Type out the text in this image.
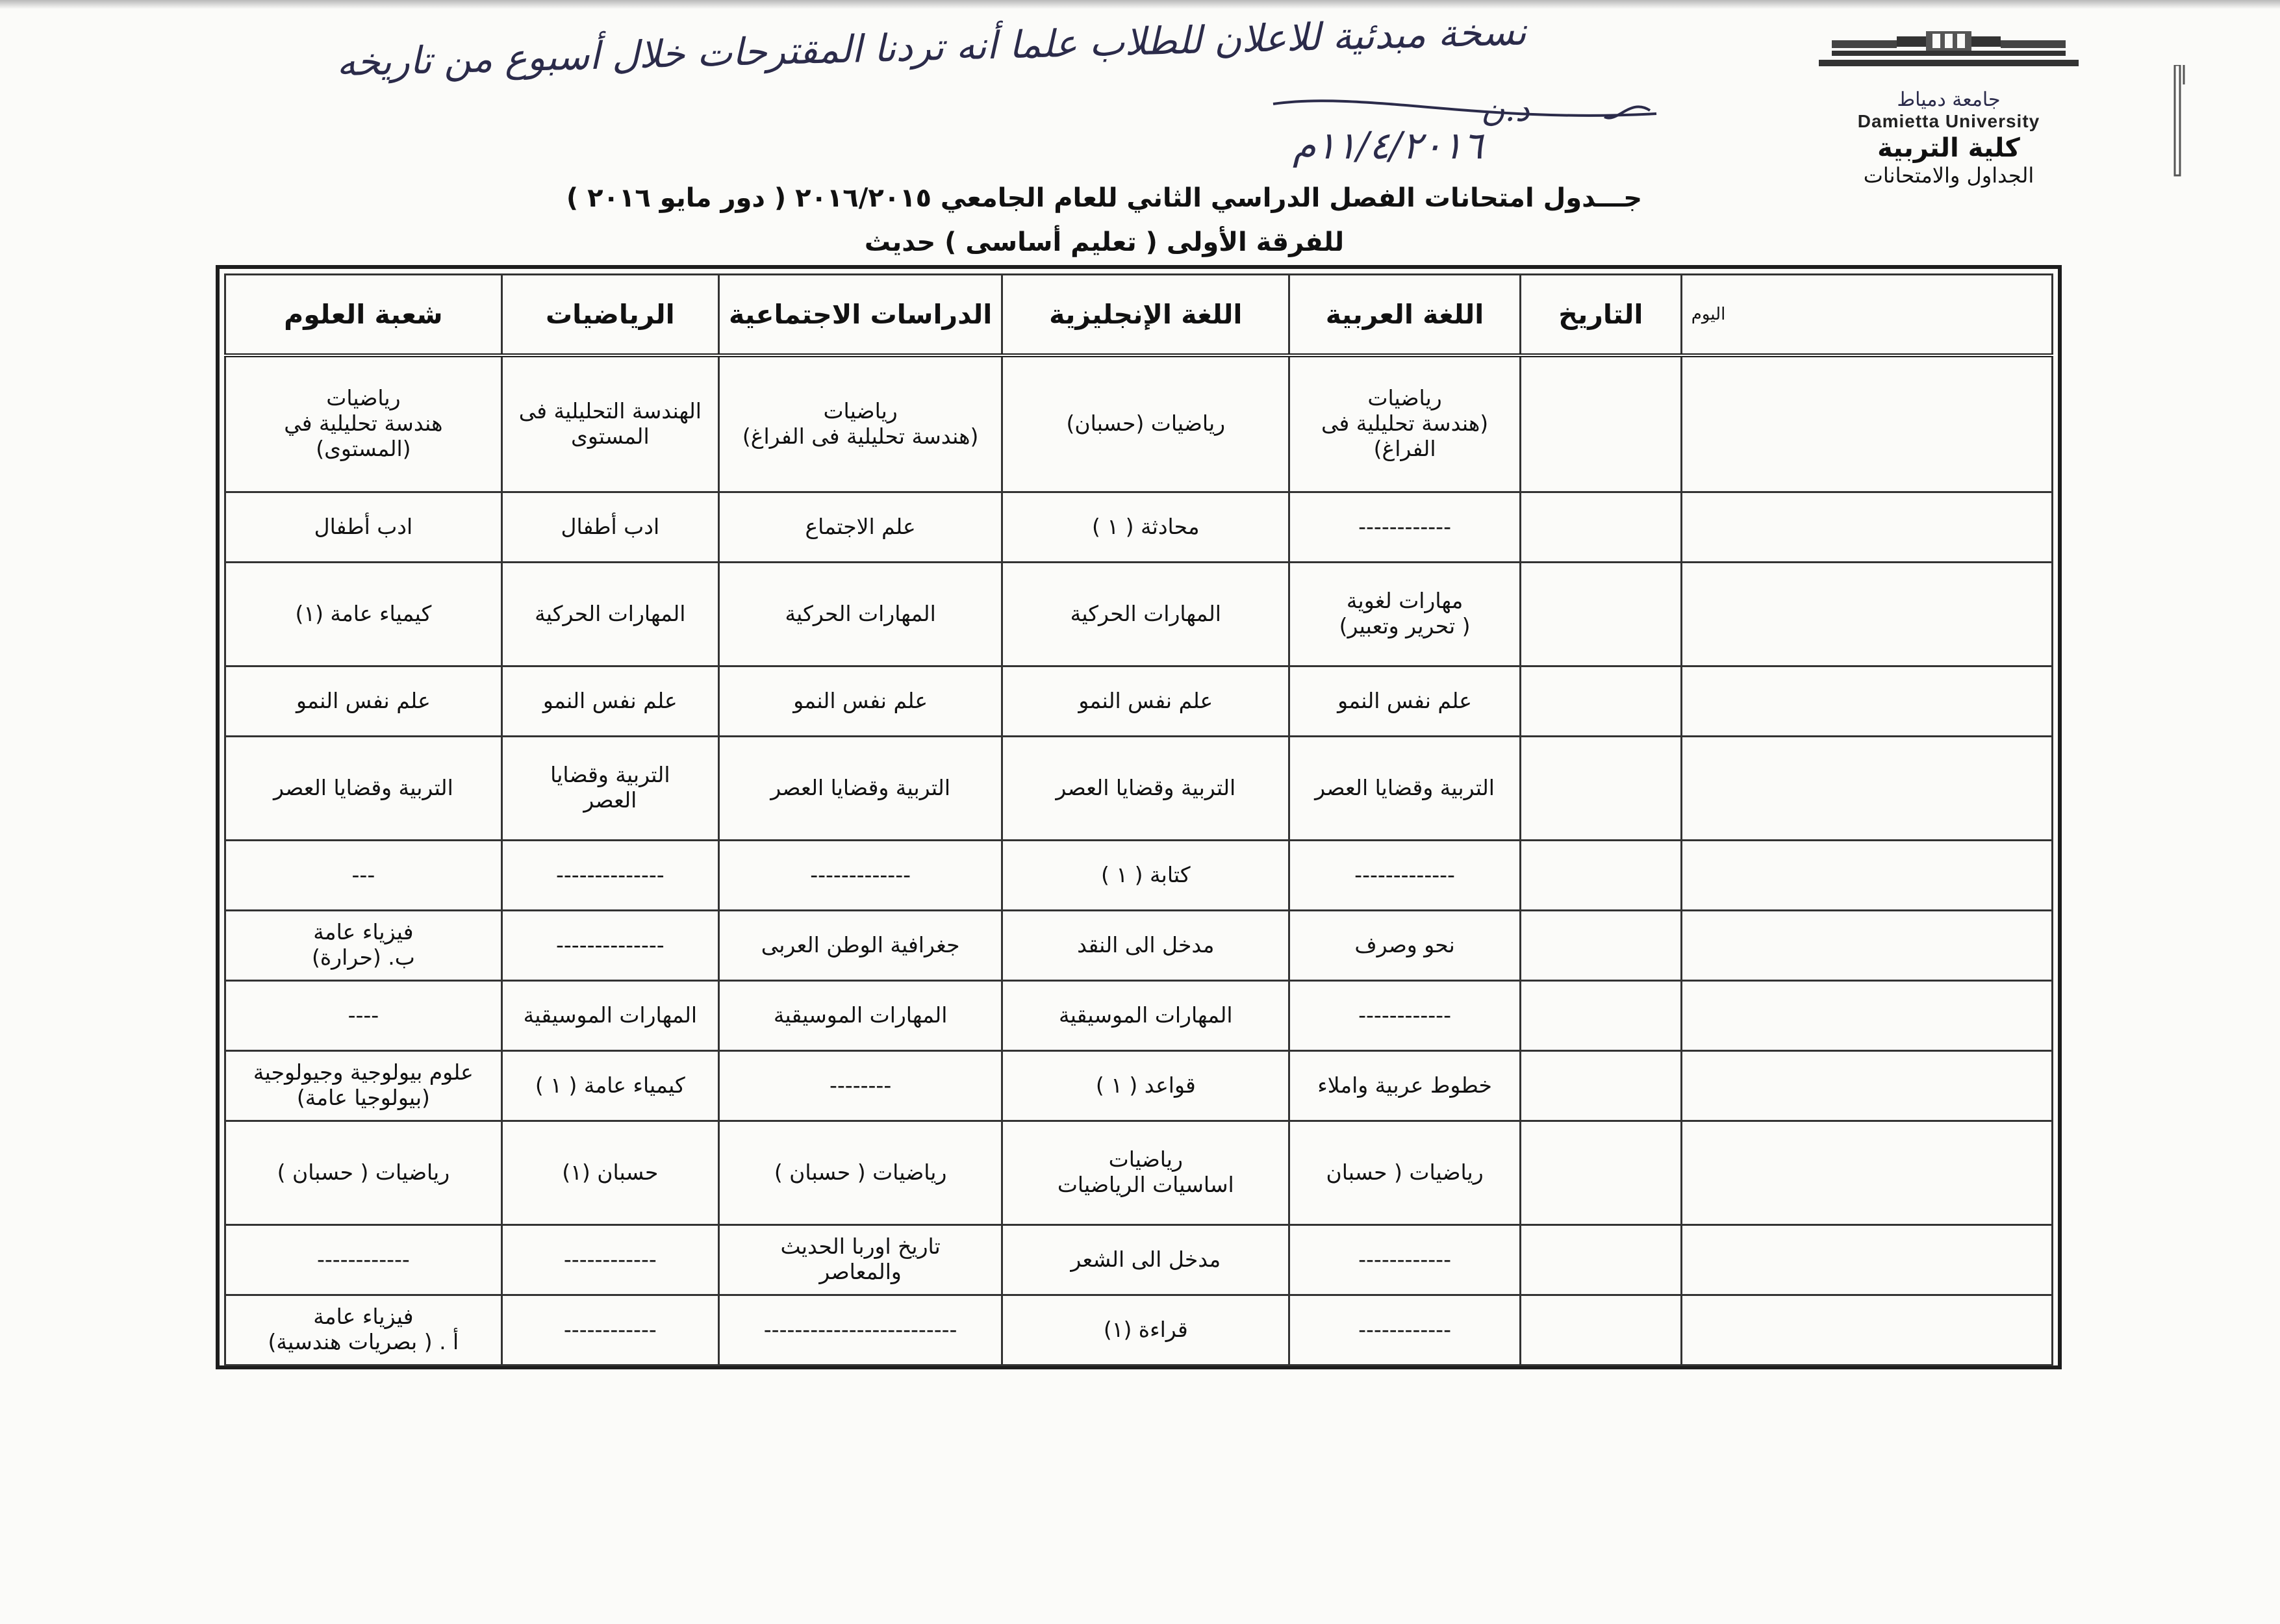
نسخة مبدئية للاعلان للطلاب علما أنه تردنا المقترحات خلال أسبوع من تاريخه
د.ن
١١/٤/٢٠١٦م
جامعة دمياط
Damietta University
كلية التربية
الجداول والامتحانات
جـــدول امتحانات الفصل الدراسي الثاني للعام الجامعي ٢٠١٦/٢٠١٥ ( دور مايو ٢٠١٦ )
للفرقة الأولى ( تعليم أساسى ) حديث
اليوم	التاريخ	اللغة العربية	اللغة الإنجليزية	الدراسات الاجتماعية	الرياضيات	شعبة العلوم
		رياضيات
(هندسة تحليلية فى
الفراغ)	رياضيات (حسبان)	رياضيات
(هندسة تحليلية فى الفراغ)	الهندسة التحليلية فى
المستوى	رياضيات
هندسة تحليلية في
(المستوى)
		------------	محادثة ( ١ )	علم الاجتماع	ادب أطفال	ادب أطفال
		مهارات لغوية
( تحرير وتعبير)	المهارات الحركية	المهارات الحركية	المهارات الحركية	كيمياء عامة (١)
		علم نفس النمو	علم نفس النمو	علم نفس النمو	علم نفس النمو	علم نفس النمو
		التربية وقضايا العصر	التربية وقضايا العصر	التربية وقضايا العصر	التربية وقضايا
العصر	التربية وقضايا العصر
		-------------	كتابة ( ١ )	-------------	--------------	---
		نحو وصرف	مدخل الى النقد	جغرافية الوطن العربى	--------------	فيزياء عامة
ب. (حرارة)
		------------	المهارات الموسيقية	المهارات الموسيقية	المهارات الموسيقية	----
		خطوط عربية واملاء	قواعد ( ١ )	--------	كيمياء عامة ( ١ )	علوم بيولوجية وجيولوجية
(بيولوجيا عامة)
		رياضيات ( حسبان	رياضيات
اساسيات الرياضيات	رياضيات ( حسبان )	حسبان (١)	رياضيات ( حسبان )
		------------	مدخل الى الشعر	تاريخ اوربا الحديث
والمعاصر	------------	------------
		------------	قراءة (١)	-------------------------	------------	فيزياء عامة
أ . ( بصريات هندسية)
